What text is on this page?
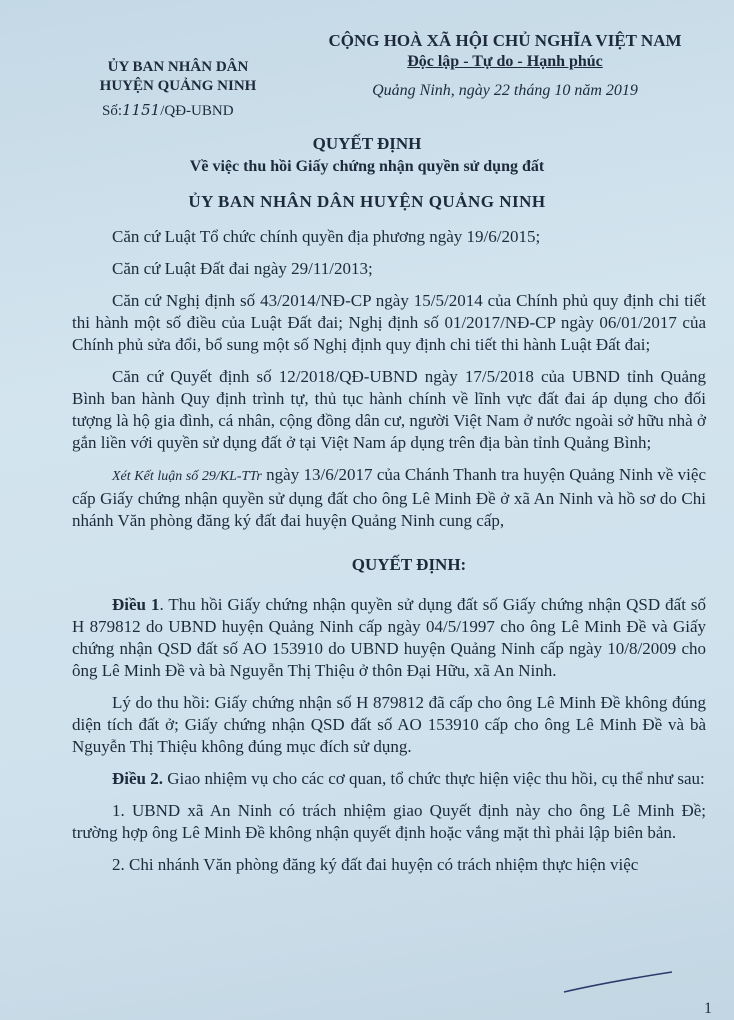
ỦY BAN NHÂN DÂN
HUYỆN QUẢNG NINH
Số:1151/QĐ-UBND
CỘNG HOÀ XÃ HỘI CHỦ NGHĨA VIỆT NAM
Độc lập - Tự do - Hạnh phúc
Quảng Ninh, ngày 22 tháng 10 năm 2019
QUYẾT ĐỊNH
Về việc thu hồi Giấy chứng nhận quyền sử dụng đất
ỦY BAN NHÂN DÂN HUYỆN QUẢNG NINH

Căn cứ Luật Tổ chức chính quyền địa phương ngày 19/6/2015;

Căn cứ Luật Đất đai ngày 29/11/2013;

Căn cứ Nghị định số 43/2014/NĐ-CP ngày 15/5/2014 của Chính phủ quy định chi tiết thi hành một số điều của Luật Đất đai; Nghị định số 01/2017/NĐ-CP ngày 06/01/2017 của Chính phủ sửa đổi, bổ sung một số Nghị định quy định chi tiết thi hành Luật Đất đai;

Căn cứ Quyết định số 12/2018/QĐ-UBND ngày 17/5/2018 của UBND tỉnh Quảng Bình ban hành Quy định trình tự, thủ tục hành chính về lĩnh vực đất đai áp dụng cho đối tượng là hộ gia đình, cá nhân, cộng đồng dân cư, người Việt Nam ở nước ngoài sở hữu nhà ở gắn liền với quyền sử dụng đất ở tại Việt Nam áp dụng trên địa bàn tỉnh Quảng Bình;

Xét Kết luận số 29/KL-TTr ngày 13/6/2017 của Chánh Thanh tra huyện Quảng Ninh về việc cấp Giấy chứng nhận quyền sử dụng đất cho ông Lê Minh Đề ở xã An Ninh và hồ sơ do Chi nhánh Văn phòng đăng ký đất đai huyện Quảng Ninh cung cấp,

QUYẾT ĐỊNH:

Điều 1. Thu hồi Giấy chứng nhận quyền sử dụng đất số Giấy chứng nhận QSD đất số H 879812 do UBND huyện Quảng Ninh cấp ngày 04/5/1997 cho ông Lê Minh Đề và Giấy chứng nhận QSD đất số AO 153910 do UBND huyện Quảng Ninh cấp ngày 10/8/2009 cho ông Lê Minh Đề và bà Nguyễn Thị Thiệu ở thôn Đại Hữu, xã An Ninh.

Lý do thu hồi: Giấy chứng nhận số H 879812 đã cấp cho ông Lê Minh Đề không đúng diện tích đất ở; Giấy chứng nhận QSD đất số AO 153910 cấp cho ông Lê Minh Đề và bà Nguyễn Thị Thiệu không đúng mục đích sử dụng.

Điều 2. Giao nhiệm vụ cho các cơ quan, tổ chức thực hiện việc thu hồi, cụ thể như sau:

1. UBND xã An Ninh có trách nhiệm giao Quyết định này cho ông Lê Minh Đề; trường hợp ông Lê Minh Đề không nhận quyết định hoặc vắng mặt thì phải lập biên bản.

2. Chi nhánh Văn phòng đăng ký đất đai huyện có trách nhiệm thực hiện việc

1
